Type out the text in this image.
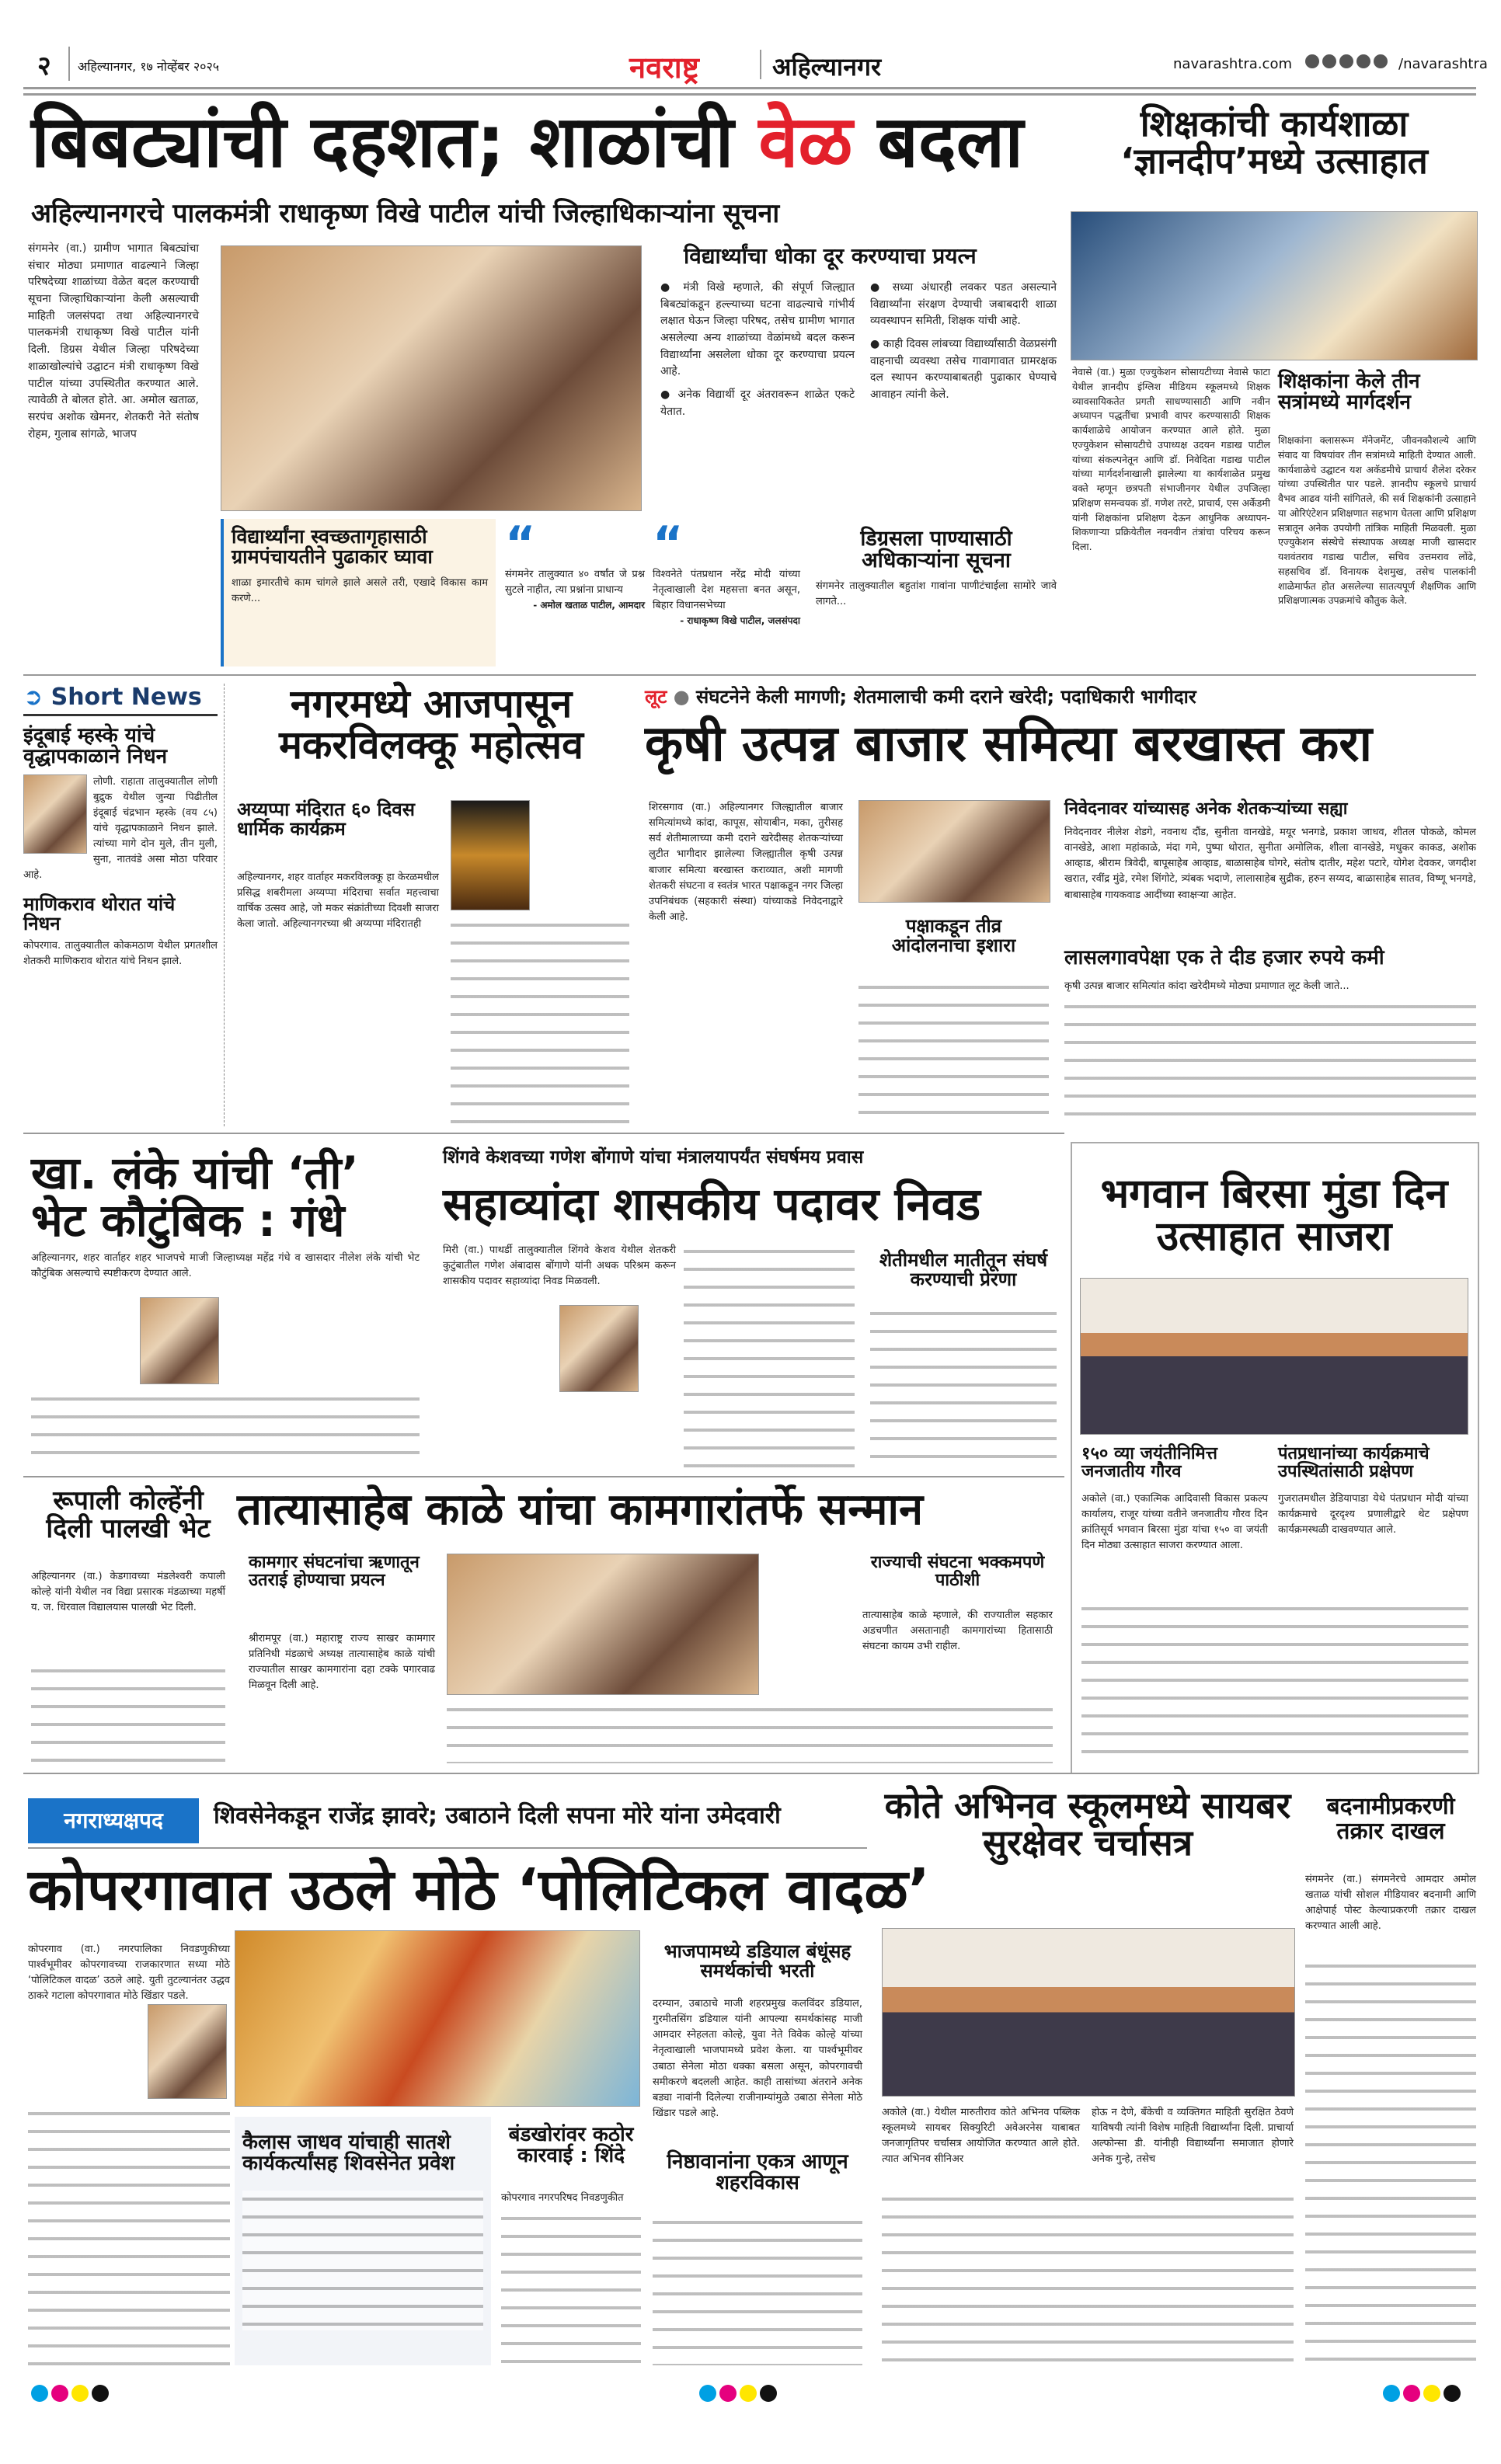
२ अहिल्यानगर, १७ नोव्हेंबर २०२५	नवराष्ट्र	अहिल्यानगर	navarashtra.com	/navarashtra
बिबट्यांची दहशत; शाळांची वेळ बदला
अहिल्यानगरचे पालकमंत्री राधाकृष्ण विखे पाटील यांची जिल्हाधिकाऱ्यांना सूचना
संगमनेर (वा.) ग्रामीण भागात बिबट्यांचा संचार मोठ्या प्रमाणात वाढल्याने जिल्हा परिषदेच्या शाळांच्या वेळेत बदल करण्याची सूचना जिल्हाधिकाऱ्यांना केली असल्याची माहिती जलसंपदा तथा अहिल्यानगरचे पालकमंत्री राधाकृष्ण विखे पाटील यांनी दिली. डिग्रस येथील जिल्हा परिषदेच्या शाळाखोल्यांचे उद्घाटन मंत्री राधाकृष्ण विखे पाटील यांच्या उपस्थितीत करण्यात आले. त्यावेळी ते बोलत होते. आ. अमोल खताळ, सरपंच अशोक खेमनर, शेतकरी नेते संतोष रोहम, गुलाब सांगळे, भाजप
विद्यार्थ्यांचा धोका दूर करण्याचा प्रयत्न

● मंत्री विखे म्हणाले, की संपूर्ण जिल्ह्यात बिबट्यांकडून हल्ल्याच्या घटना वाढल्याचे गांभीर्य लक्षात घेऊन जिल्हा परिषद, तसेच ग्रामीण भागात असलेल्या अन्य शाळांच्या वेळांमध्ये बदल करून विद्यार्थ्यांना असलेला धोका दूर करण्याचा प्रयत्न आहे.

● अनेक विद्यार्थी दूर अंतरावरून शाळेत एकटे येतात.

● सध्या अंधारही लवकर पडत असल्याने विद्यार्थ्यांना संरक्षण देण्याची जबाबदारी शाळा व्यवस्थापन समिती, शिक्षक यांची आहे.

● काही दिवस लांबच्या विद्यार्थ्यांसाठी वेळप्रसंगी वाहनाची व्यवस्था तसेच गावागावात ग्रामरक्षक दल स्थापन करण्याबाबतही पुढाकार घेण्याचे आवाहन त्यांनी केले.

विद्यार्थ्यांना स्वच्छतागृहासाठी ग्रामपंचायतीने पुढाकार घ्यावा
शाळा इमारतीचे काम चांगले झाले असले तरी, एखादे विकास काम करणे...
“
संगमनेर तालुक्यात ४० वर्षांत जे प्रश्न सुटले नाहीत, त्या प्रश्नांना प्राधान्य
- अमोल खताळ पाटील, आमदार
“
विश्वनेते पंतप्रधान नरेंद्र मोदी यांच्या नेतृत्वाखाली देश महसत्ता बनत असून, बिहार विधानसभेच्या
- राधाकृष्ण विखे पाटील, जलसंपदा
डिग्रसला पाण्यासाठी अधिकाऱ्यांना सूचना
संगमनेर तालुक्यातील बहुतांश गावांना पाणीटंचाईला सामोरे जावे लागते...
शिक्षकांची कार्यशाळा ‘ज्ञानदीप’मध्ये उत्साहात
नेवासे (वा.) मुळा एज्युकेशन सोसायटीच्या नेवासे फाटा येथील ज्ञानदीप इंग्लिश मीडियम स्कूलमध्ये शिक्षक व्यावसायिकतेत प्रगती साधण्यासाठी आणि नवीन अध्यापन पद्धतींचा प्रभावी वापर करण्यासाठी शिक्षक कार्यशाळेचे आयोजन करण्यात आले होते. मुळा एज्युकेशन सोसायटीचे उपाध्यक्ष उदयन गडाख पाटील यांच्या संकल्पनेतून आणि डॉ. निवेदिता गडाख पाटील यांच्या मार्गदर्शनाखाली झालेल्या या कार्यशाळेत प्रमुख वक्ते म्हणून छत्रपती संभाजीनगर येथील उपजिल्हा प्रशिक्षण समन्वयक डॉ. गणेश तरटे, प्राचार्य, एस अर्केडमी यांनी शिक्षकांना प्रशिक्षण देऊन आधुनिक अध्यापन-शिकणाऱ्या प्रक्रियेतील नवनवीन तंत्रांचा परिचय करून दिला.
शिक्षकांना केले तीन सत्रांमध्ये मार्गदर्शन
शिक्षकांना क्लासरूम मॅनेजमेंट, जीवनकौशल्ये आणि संवाद या विषयांवर तीन सत्रांमध्ये माहिती देण्यात आली. कार्यशाळेचे उद्घाटन यश अकॅडमीचे प्राचार्य शैलेश दरेकर यांच्या उपस्थितीत पार पडले. ज्ञानदीप स्कूलचे प्राचार्य वैभव आढव यांनी सांगितले, की सर्व शिक्षकांनी उत्साहाने या ओरिएंटेशन प्रशिक्षणात सहभाग घेतला आणि प्रशिक्षण सत्रातून अनेक उपयोगी तांत्रिक माहिती मिळवली. मुळा एज्युकेशन संस्थेचे संस्थापक अध्यक्ष माजी खासदार यशवंतराव गडाख पाटील, सचिव उत्तमराव लोंढे, सहसचिव डॉ. विनायक देशमुख, तसेच पालकांनी शाळेमार्फत होत असलेल्या सातत्यपूर्ण शैक्षणिक आणि प्रशिक्षणात्मक उपक्रमांचे कौतुक केले.
➲ Short News
इंदूबाई म्हस्के यांचे वृद्धापकाळाने निधन
लोणी. राहाता तालुक्यातील लोणी बुद्रुक येथील जुन्या पिढीतील इंदूबाई चंद्रभान म्हस्के (वय ८५) यांचे वृद्धापकाळाने निधन झाले. त्यांच्या मागे दोन मुले, तीन मुली, सुना, नातवंडे असा मोठा परिवार आहे.
माणिकराव थोरात यांचे निधन
कोपरगाव. तालुक्यातील कोकमठाण येथील प्रगतशील शेतकरी माणिकराव थोरात यांचे निधन झाले.
नगरमध्ये आजपासून मकरविलक्कू महोत्सव
अय्यप्पा मंदिरात ६० दिवस धार्मिक कार्यक्रम
अहिल्यानगर, शहर वार्ताहर मकरविलक्कू हा केरळमधील प्रसिद्ध शबरीमला अय्यप्पा मंदिराचा सर्वात महत्त्वाचा वार्षिक उत्सव आहे, जो मकर संक्रांतीच्या दिवशी साजरा केला जातो. अहिल्यानगरच्या श्री अय्यप्पा मंदिरातही
लूट ● संघटनेने केली मागणी; शेतमालाची कमी दराने खरेदी; पदाधिकारी भागीदार
कृषी उत्पन्न बाजार समित्या बरखास्त करा
शिरसगाव (वा.) अहिल्यानगर जिल्ह्यातील बाजार समित्यांमध्ये कांदा, कापूस, सोयाबीन, मका, तुरीसह सर्व शेतीमालाच्या कमी दराने खरेदीसह शेतकऱ्यांच्या लुटीत भागीदार झालेल्या जिल्ह्यातील कृषी उत्पन्न बाजार समित्या बरखास्त कराव्यात, अशी मागणी शेतकरी संघटना व स्वतंत्र भारत पक्षाकडून नगर जिल्हा उपनिबंधक (सहकारी संस्था) यांच्याकडे निवेदनाद्वारे केली आहे.	पक्षाकडून तीव्र आंदोलनाचा इशारा
निवेदनावर यांच्यासह अनेक शेतकऱ्यांच्या सह्या
निवेदनावर नीलेश शेडगे, नवनाथ दौंड, सुनीता वानखेडे, मयूर भनगडे, प्रकाश जाधव, शीतल पोकळे, कोमल वानखेडे, आशा महांकाळे, मंदा गमे, पुष्पा थोरात, सुनीता अमोलिक, शीला वानखेडे, मधुकर काकड, अशोक आव्हाड, श्रीराम त्रिवेदी, बापूसाहेब आव्हाड, बाळासाहेब घोगरे, संतोष दातीर, महेश पटारे, योगेश देवकर, जगदीश खरात, रवींद्र मुंढे, रमेश शिंगोटे, त्र्यंबक भदाणे, लालासाहेब सुद्रीक, हरुन सय्यद, बाळासाहेब सातव, विष्णू भनगडे, बाबासाहेब गायकवाड आदींच्या स्वाक्षऱ्या आहेत.
लासलगावपेक्षा एक ते दीड हजार रुपये कमी
कृषी उत्पन्न बाजार समित्यांत कांदा खरेदीमध्ये मोठ्या प्रमाणात लूट केली जाते...
खा. लंके यांची ‘ती’ भेट कौटुंबिक : गंधे
अहिल्यानगर, शहर वार्ताहर शहर भाजपचे माजी जिल्हाध्यक्ष महेंद्र गंधे व खासदार नीलेश लंके यांची भेट कौटुंबिक असल्याचे स्पष्टीकरण देण्यात आले.
शिंगवे केशवच्या गणेश बोंगाणे यांचा मंत्रालयापर्यंत संघर्षमय प्रवास
सहाव्यांदा शासकीय पदावर निवड
मिरी (वा.) पाथर्डी तालुक्यातील शिंगवे केशव येथील शेतकरी कुटुंबातील गणेश अंबादास बोंगाणे यांनी अथक परिश्रम करून शासकीय पदावर सहाव्यांदा निवड मिळवली.
शेतीमधील मातीतून संघर्ष करण्याची प्रेरणा
भगवान बिरसा मुंडा दिन उत्साहात साजरा
१५० व्या जयंतीनिमित्त जनजातीय गौरव
अकोले (वा.) एकात्मिक आदिवासी विकास प्रकल्प कार्यालय, राजूर यांच्या वतीने जनजातीय गौरव दिन क्रांतिसूर्य भगवान बिरसा मुंडा यांचा १५० वा जयंती दिन मोठ्या उत्साहात साजरा करण्यात आला.
पंतप्रधानांच्या कार्यक्रमाचे उपस्थितांसाठी प्रक्षेपण
गुजरातमधील डेडियापाडा येथे पंतप्रधान मोदी यांच्या कार्यक्रमाचे दूरदृश्य प्रणालीद्वारे थेट प्रक्षेपण कार्यक्रमस्थळी दाखवण्यात आले.
रूपाली कोल्हेंनी दिली पालखी भेट
अहिल्यानगर (वा.) केडगावच्या मंडलेश्वरी कपाली कोल्हे यांनी येथील नव विद्या प्रसारक मंडळाच्या महर्षी य. ज. धिरवाल विद्यालयास पालखी भेट दिली.
तात्यासाहेब काळे यांचा कामगारांतर्फे सन्मान
कामगार संघटनांचा ऋणातून उतराई होण्याचा प्रयत्न
श्रीरामपूर (वा.) महाराष्ट्र राज्य साखर कामगार प्रतिनिधी मंडळाचे अध्यक्ष तात्यासाहेब काळे यांची राज्यातील साखर कामगारांना दहा टक्के पगारवाढ मिळवून दिली आहे.
राज्याची संघटना भक्कमपणे पाठीशी
तात्यासाहेब काळे म्हणाले, की राज्यातील सहकार अडचणीत असतानाही कामगारांच्या हितासाठी संघटना कायम उभी राहील.
नगराध्यक्षपद	शिवसेनेकडून राजेंद्र झावरे; उबाठाने दिली सपना मोरे यांना उमेदवारी
कोपरगावात उठले मोठे ‘पोलिटिकल वादळ’
कोपरगाव (वा.) नगरपालिका निवडणुकीच्या पार्श्वभूमीवर कोपरगावच्या राजकारणात सध्या मोठे ‘पोलिटिकल वादळ’ उठले आहे. युती तुटल्यानंतर उद्धव ठाकरे गटाला कोपरगावात मोठे खिंडार पडले.
भाजपामध्ये डडियाल बंधूंसह समर्थकांची भरती
दरम्यान, उबाठाचे माजी शहरप्रमुख कलविंदर डडियाल, गुरमीतसिंग डडियाल यांनी आपल्या समर्थकांसह माजी आमदार स्नेहलता कोल्हे, युवा नेते विवेक कोल्हे यांच्या नेतृत्वाखाली भाजपामध्ये प्रवेश केला. या पार्श्वभूमीवर उबाठा सेनेला मोठा धक्का बसला असून, कोपरगावची समीकरणे बदलली आहेत. काही तासांच्या अंतराने अनेक बड्या नावांनी दिलेल्या राजीनाम्यांमुळे उबाठा सेनेला मोठे खिंडार पडले आहे.
कैलास जाधव यांचाही सातशे कार्यकर्त्यांसह शिवसेनेत प्रवेश
बंडखोरांवर कठोर कारवाई : शिंदे
कोपरगाव नगरपरिषद निवडणुकीत
निष्ठावानांना एकत्र आणून शहरविकास
कोते अभिनव स्कूलमध्ये सायबर सुरक्षेवर चर्चासत्र
अकोले (वा.) येथील मारुतीराव कोते अभिनव पब्लिक स्कूलमध्ये सायबर सिक्युरिटी अवेअरनेस याबाबत जनजागृतिपर चर्चासत्र आयोजित करण्यात आले होते. त्यात अभिनव सीनिअर
होऊ न देणे, बँकेची व व्यक्तिगत माहिती सुरक्षित ठेवणे याविषयी त्यांनी विशेष माहिती विद्यार्थ्यांना दिली. प्राचार्या अल्फोन्सा डी. यांनीही विद्यार्थ्यांना समाजात होणारे अनेक गुन्हे, तसेच
बदनामीप्रकरणी तक्रार दाखल
संगमनेर (वा.) संगमनेरचे आमदार अमोल खताळ यांची सोशल मीडियावर बदनामी आणि आक्षेपार्ह पोस्ट केल्याप्रकरणी तक्रार दाखल करण्यात आली आहे.
